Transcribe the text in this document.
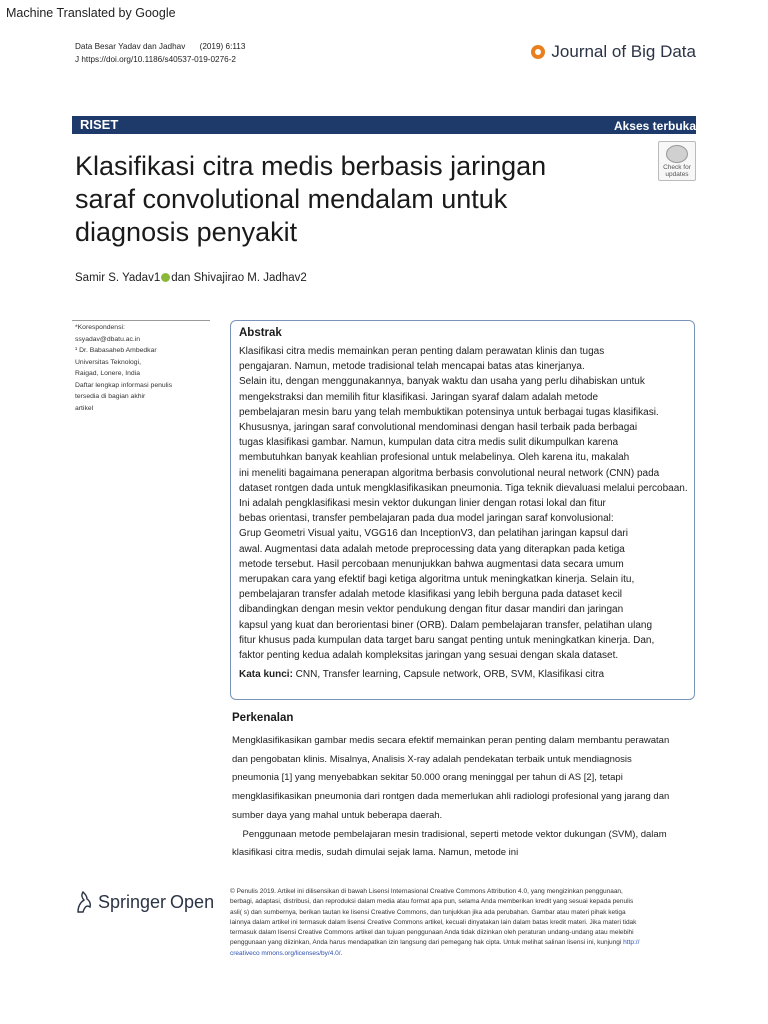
Machine Translated by Google
Data Besar Yadav dan Jadhav (2019) 6:113
J https://doi.org/10.1186/s40537-019-0276-2	Journal of Big Data
RISET	Akses terbuka
Check for
updates
Klasifikasi citra medis berbasis jaringan
saraf convolutional mendalam untuk
diagnosis penyakit
Samir S. Yadav1 dan Shivajirao M. Jadhav2
*Korespondensi:
ssyadav@dbatu.ac.in
¹ Dr. Babasaheb Ambedkar
Universitas Teknologi,
Raigad, Lonere, India
Daftar lengkap informasi penulis
tersedia di bagian akhir
artikel
Abstrak
Klasifikasi citra medis memainkan peran penting dalam perawatan klinis dan tugas
pengajaran. Namun, metode tradisional telah mencapai batas atas kinerjanya.
Selain itu, dengan menggunakannya, banyak waktu dan usaha yang perlu dihabiskan untuk
mengekstraksi dan memilih fitur klasifikasi. Jaringan syaraf dalam adalah metode
pembelajaran mesin baru yang telah membuktikan potensinya untuk berbagai tugas klasifikasi.
Khususnya, jaringan saraf convolutional mendominasi dengan hasil terbaik pada berbagai
tugas klasifikasi gambar. Namun, kumpulan data citra medis sulit dikumpulkan karena
membutuhkan banyak keahlian profesional untuk melabelinya. Oleh karena itu, makalah
ini meneliti bagaimana penerapan algoritma berbasis convolutional neural network (CNN) pada
dataset rontgen dada untuk mengklasifikasikan pneumonia. Tiga teknik dievaluasi melalui percobaan.
Ini adalah pengklasifikasi mesin vektor dukungan linier dengan rotasi lokal dan fitur
bebas orientasi, transfer pembelajaran pada dua model jaringan saraf konvolusional:
Grup Geometri Visual yaitu, VGG16 dan InceptionV3, dan pelatihan jaringan kapsul dari
awal. Augmentasi data adalah metode preprocessing data yang diterapkan pada ketiga
metode tersebut. Hasil percobaan menunjukkan bahwa augmentasi data secara umum
merupakan cara yang efektif bagi ketiga algoritma untuk meningkatkan kinerja. Selain itu,
pembelajaran transfer adalah metode klasifikasi yang lebih berguna pada dataset kecil
dibandingkan dengan mesin vektor pendukung dengan fitur dasar mandiri dan jaringan
kapsul yang kuat dan berorientasi biner (ORB). Dalam pembelajaran transfer, pelatihan ulang
fitur khusus pada kumpulan data target baru sangat penting untuk meningkatkan kinerja. Dan,
faktor penting kedua adalah kompleksitas jaringan yang sesuai dengan skala dataset.
Kata kunci: CNN, Transfer learning, Capsule network, ORB, SVM, Klasifikasi citra
Perkenalan
Mengklasifikasikan gambar medis secara efektif memainkan peran penting dalam membantu perawatan
dan pengobatan klinis. Misalnya, Analisis X-ray adalah pendekatan terbaik untuk mendiagnosis
pneumonia [1] yang menyebabkan sekitar 50.000 orang meninggal per tahun di AS [2], tetapi
mengklasifikasikan pneumonia dari rontgen dada memerlukan ahli radiologi profesional yang jarang dan
sumber daya yang mahal untuk beberapa daerah.
Penggunaan metode pembelajaran mesin tradisional, seperti metode vektor dukungan (SVM), dalam
klasifikasi citra medis, sudah dimulai sejak lama. Namun, metode ini
Springer Open © Penulis 2019. Artikel ini dilisensikan di bawah Lisensi Internasional Creative Commons Attribution 4.0, yang mengizinkan penggunaan,
berbagi, adaptasi, distribusi, dan reproduksi dalam media atau format apa pun, selama Anda memberikan kredit yang sesuai kepada penulis
asli( s) dan sumbernya, berikan tautan ke lisensi Creative Commons, dan tunjukkan jika ada perubahan. Gambar atau materi pihak ketiga
lainnya dalam artikel ini termasuk dalam lisensi Creative Commons artikel, kecuali dinyatakan lain dalam batas kredit materi. Jika materi tidak
termasuk dalam lisensi Creative Commons artikel dan tujuan penggunaan Anda tidak diizinkan oleh peraturan undang-undang atau melebihi
penggunaan yang diizinkan, Anda harus mendapatkan izin langsung dari pemegang hak cipta. Untuk melihat salinan lisensi ini, kunjungi http://
creativeco mmons.org/licenses/by/4.0/.
